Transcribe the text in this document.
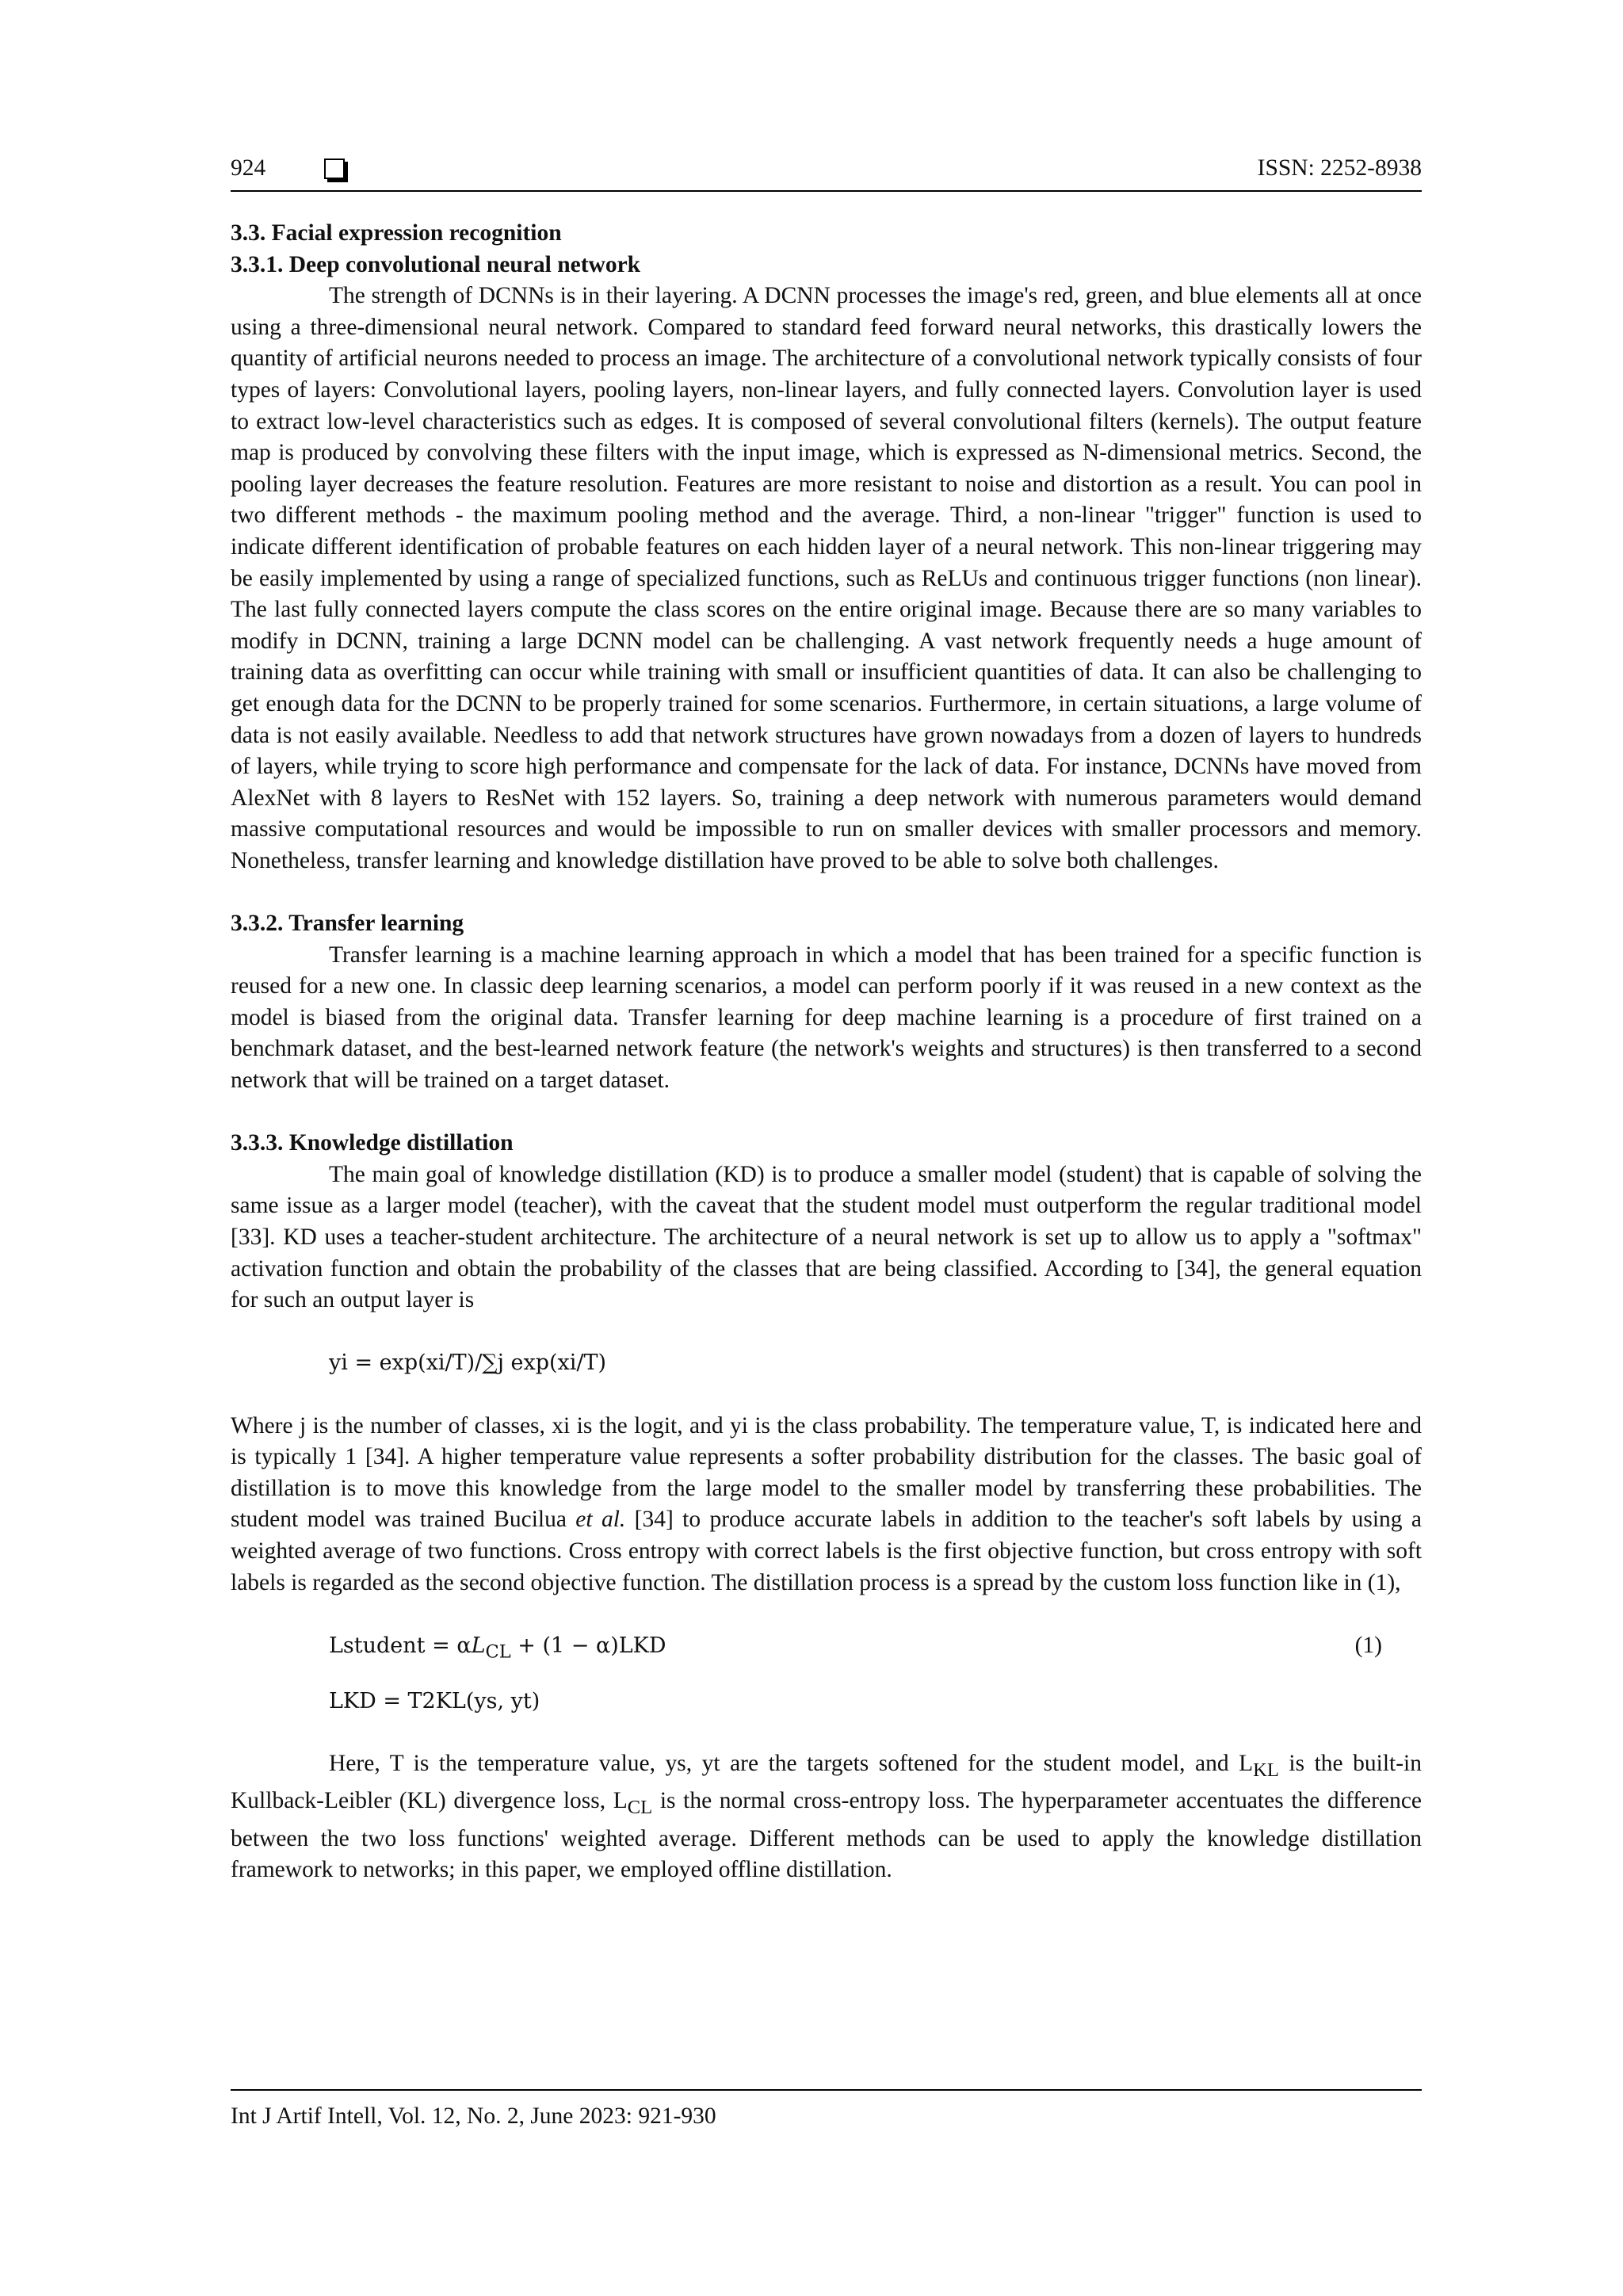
924	ISSN: 2252-8938

3.3. Facial expression recognition

3.3.1. Deep convolutional neural network

The strength of DCNNs is in their layering. A DCNN processes the image's red, green, and blue elements all at once using a three-dimensional neural network. Compared to standard feed forward neural networks, this drastically lowers the quantity of artificial neurons needed to process an image. The architecture of a convolutional network typically consists of four types of layers: Convolutional layers, pooling layers, non-linear layers, and fully connected layers. Convolution layer is used to extract low-level characteristics such as edges. It is composed of several convolutional filters (kernels). The output feature map is produced by convolving these filters with the input image, which is expressed as N-dimensional metrics. Second, the pooling layer decreases the feature resolution. Features are more resistant to noise and distortion as a result. You can pool in two different methods - the maximum pooling method and the average. Third, a non-linear "trigger" function is used to indicate different identification of probable features on each hidden layer of a neural network. This non-linear triggering may be easily implemented by using a range of specialized functions, such as ReLUs and continuous trigger functions (non linear). The last fully connected layers compute the class scores on the entire original image. Because there are so many variables to modify in DCNN, training a large DCNN model can be challenging. A vast network frequently needs a huge amount of training data as overfitting can occur while training with small or insufficient quantities of data. It can also be challenging to get enough data for the DCNN to be properly trained for some scenarios. Furthermore, in certain situations, a large volume of data is not easily available. Needless to add that network structures have grown nowadays from a dozen of layers to hundreds of layers, while trying to score high performance and compensate for the lack of data. For instance, DCNNs have moved from AlexNet with 8 layers to ResNet with 152 layers. So, training a deep network with numerous parameters would demand massive computational resources and would be impossible to run on smaller devices with smaller processors and memory. Nonetheless, transfer learning and knowledge distillation have proved to be able to solve both challenges.

3.3.2. Transfer learning

Transfer learning is a machine learning approach in which a model that has been trained for a specific function is reused for a new one. In classic deep learning scenarios, a model can perform poorly if it was reused in a new context as the model is biased from the original data. Transfer learning for deep machine learning is a procedure of first trained on a benchmark dataset, and the best-learned network feature (the network's weights and structures) is then transferred to a second network that will be trained on a target dataset.

3.3.3. Knowledge distillation

The main goal of knowledge distillation (KD) is to produce a smaller model (student) that is capable of solving the same issue as a larger model (teacher), with the caveat that the student model must outperform the regular traditional model [33]. KD uses a teacher-student architecture. The architecture of a neural network is set up to allow us to apply a "softmax" activation function and obtain the probability of the classes that are being classified. According to [34], the general equation for such an output layer is

yi = exp(xi/T)/∑j exp(xi/T)

Where j is the number of classes, xi is the logit, and yi is the class probability. The temperature value, T, is indicated here and is typically 1 [34]. A higher temperature value represents a softer probability distribution for the classes. The basic goal of distillation is to move this knowledge from the large model to the smaller model by transferring these probabilities. The student model was trained Bucilua et al. [34] to produce accurate labels in addition to the teacher's soft labels by using a weighted average of two functions. Cross entropy with correct labels is the first objective function, but cross entropy with soft labels is regarded as the second objective function. The distillation process is a spread by the custom loss function like in (1),

Lstudent = $\alpha L_{CL} + (1 - \alpha)LKD$	(1)

LKD = T2KL(ys, yt)

Here, T is the temperature value, ys, yt are the targets softened for the student model, and $L_{KL}$ is the built-in Kullback-Leibler (KL) divergence loss, $L_{CL}$ is the normal cross-entropy loss. The hyperparameter accentuates the difference between the two loss functions' weighted average. Different methods can be used to apply the knowledge distillation framework to networks; in this paper, we employed offline distillation.

Int J Artif Intell, Vol. 12, No. 2, June 2023: 921-930
